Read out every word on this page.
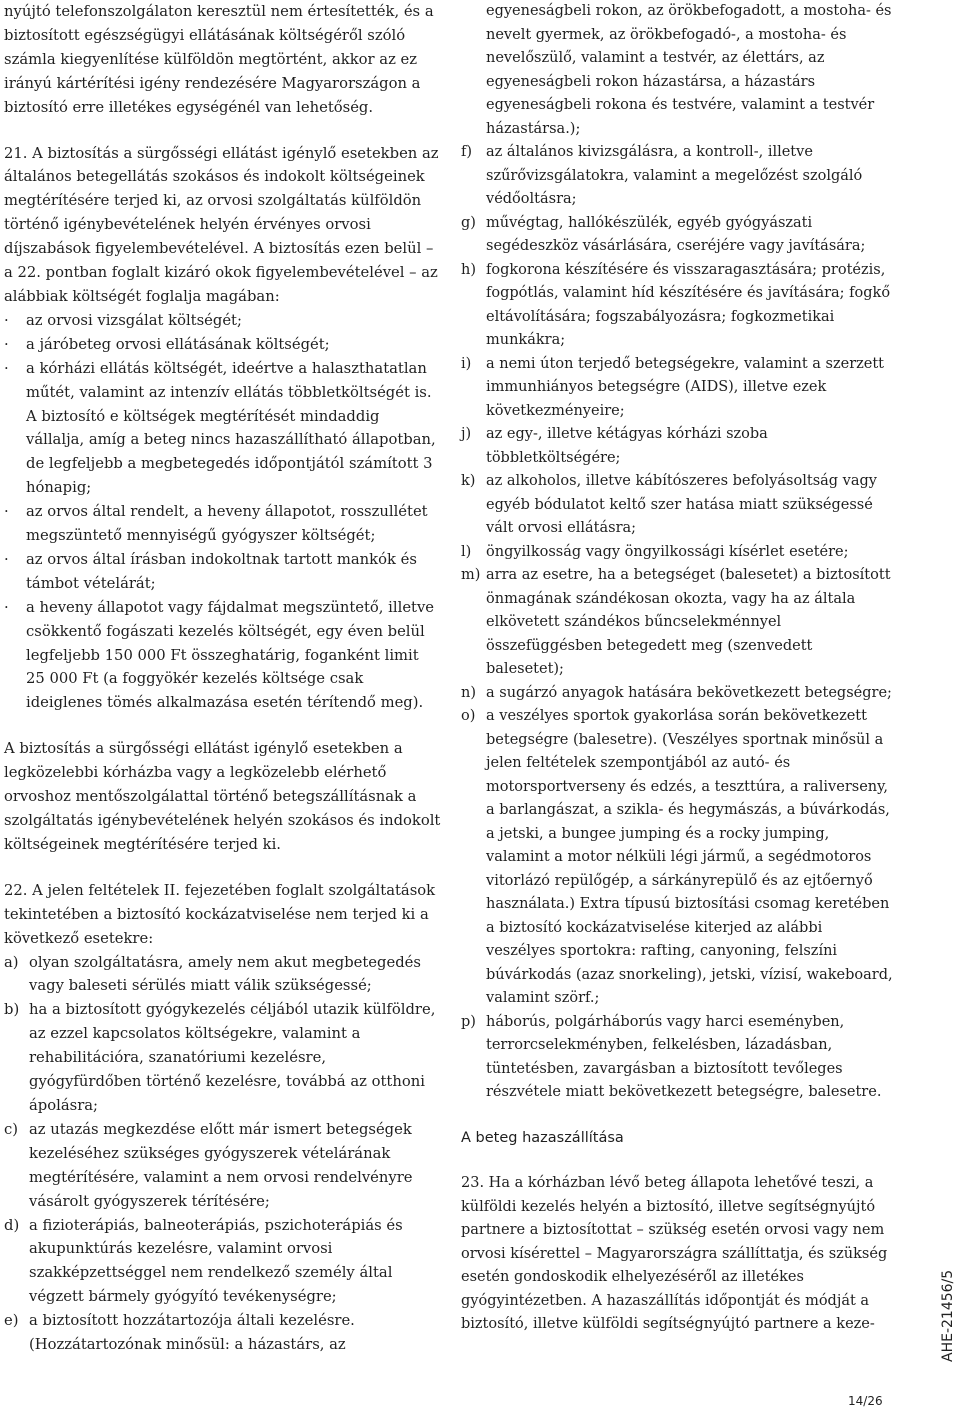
nyújtó telefonszolgálaton keresztül nem értesítették, és a biztosított egészségügyi ellátásának költségéről szóló számla kiegyenlítése külföldön megtörtént, akkor az ez irányú kártérítési igény rendezésére Magyarországon a biztosító erre illetékes egységénél van lehetőség.

21. A biztosítás a sürgősségi ellátást igénylő esetekben az általános betegellátás szokásos és indokolt költségeinek megtérítésére terjed ki, az orvosi szolgáltatás külföldön történő igénybevételének helyén érvényes orvosi díjszabások figyelembevételével. A biztosítás ezen belül – a 22. pontban foglalt kizáró okok figyelembevételével – az alábbiak költségét foglalja magában:

·	az orvosi vizsgálat költségét;
·	a járóbeteg orvosi ellátásának költségét;
·	a kórházi ellátás költségét, ideértve a halaszthatatlan műtét, valamint az intenzív ellátás többletköltségét is. A biztosító e költségek megtérítését mindaddig vállalja, amíg a beteg nincs hazaszállítható állapotban, de legfeljebb a megbetegedés időpontjától számított 3 hónapig;
·	az orvos által rendelt, a heveny állapotot, rosszullétet megszüntető mennyiségű gyógyszer költségét;
·	az orvos által írásban indokoltnak tartott mankók és támbot vételárát;
·	a heveny állapotot vagy fájdalmat megszüntető, illetve csökkentő fogászati kezelés költségét, egy éven belül legfeljebb 150 000 Ft összeghatárig, foganként limit 25 000 Ft (a foggyökér kezelés költsége csak ideiglenes tömés alkalmazása esetén térítendő meg).

A biztosítás a sürgősségi ellátást igénylő esetekben a legközelebbi kórházba vagy a legközelebb elérhető orvoshoz mentőszolgálattal történő betegszállításnak a szolgáltatás igénybevételének helyén szokásos és indokolt költségeinek megtérítésére terjed ki.

22. A jelen feltételek II. fejezetében foglalt szolgáltatások tekintetében a biztosító kockázatviselése nem terjed ki a következő esetekre:

a) olyan szolgáltatásra, amely nem akut megbetegedés vagy baleseti sérülés miatt válik szükségessé;
b) ha a biztosított gyógykezelés céljából utazik külföldre, az ezzel kapcsolatos költségekre, valamint a rehabilitációra, szanatóriumi kezelésre, gyógyfürdőben történő kezelésre, továbbá az otthoni ápolásra;
c) az utazás megkezdése előtt már ismert betegségek kezeléséhez szükséges gyógyszerek vételárának megtérítésére, valamint a nem orvosi rendelvényre vásárolt gyógyszerek térítésére;
d) a fizioterápiás, balneoterápiás, pszichoterápiás és akupunktúrás kezelésre, valamint orvosi szakképzettséggel nem rendelkező személy által végzett bármely gyógyító tevékenységre;
e) a biztosított hozzátartozója általi kezelésre. (Hozzátartozónak minősül: a házastárs, az
egyeneságbeli rokon, az örökbefogadott, a mostoha- és nevelt gyermek, az örökbefogadó-, a mostoha- és nevelőszülő, valamint a testvér, az élettárs, az egyeneságbeli rokon házastársa, a házastárs egyeneságbeli rokona és testvére, valamint a testvér házastársa.);
f) az általános kivizsgálásra, a kontroll-, illetve szűrővizsgálatokra, valamint a megelőzést szolgáló védőoltásra;
g) művégtag, hallókészülék, egyéb gyógyászati segédeszköz vásárlására, cseréjére vagy javítására;
h) fogkorona készítésére és visszaragasztására; protézis, fogpótlás, valamint híd készítésére és javítására; fogkő eltávolítására; fogszabályozásra; fogkozmetikai munkákra;
i)	a nemi úton terjedő betegségekre, valamint a szerzett immunhiányos betegségre (AIDS), illetve ezek következményeire;
j)	az egy-, illetve kétágyas kórházi szoba többletköltségére;
k) az alkoholos, illetve kábítószeres befolyásoltság vagy egyéb bódulatot keltő szer hatása miatt szükségessé vált orvosi ellátásra;
l)	öngyilkosság vagy öngyilkossági kísérlet esetére;
m) arra az esetre, ha a betegséget (balesetet) a biztosított önmagának szándékosan okozta, vagy ha az általa elkövetett szándékos bűncselekménnyel összefüggésben betegedett meg (szenvedett balesetet);
n) a sugárzó anyagok hatására bekövetkezett betegségre;
o) a veszélyes sportok gyakorlása során bekövetkezett betegségre (balesetre). (Veszélyes sportnak minősül a jelen feltételek szempontjából az autó- és motorsportverseny és edzés, a teszttúra, a raliverseny, a barlangászat, a szikla- és hegymászás, a búvárkodás, a jetski, a bungee jumping és a rocky jumping, valamint a motor nélküli légi jármű, a segédmotoros vitorlázó repülőgép, a sárkányrepülő és az ejtőernyő használata.) Extra típusú biztosítási csomag keretében a biztosító kockázatviselése kiterjed az alábbi veszélyes sportokra: rafting, canyoning, felszíni búvárkodás (azaz snorkeling), jetski, vízisí, wakeboard, valamint szörf.;
p) háborús, polgárháborús vagy harci eseményben, terrorcselekményben, felkelésben, lázadásban, tüntetésben, zavargásban a biztosított tevőleges részvétele miatt bekövetkezett betegségre, balesetre.

A beteg hazaszállítása

23. Ha a kórházban lévő beteg állapota lehetővé teszi, a külföldi kezelés helyén a biztosító, illetve segítségnyújtó partnere a biztosítottat – szükség esetén orvosi vagy nem orvosi kísérettel – Magyarországra szállíttatja, és szükség esetén gondoskodik elhelyezéséről az illetékes gyógyintézetben. A hazaszállítás időpontját és módját a biztosító, illetve külföldi segítségnyújtó partnere a keze-	AHE-21456/5
14/26
